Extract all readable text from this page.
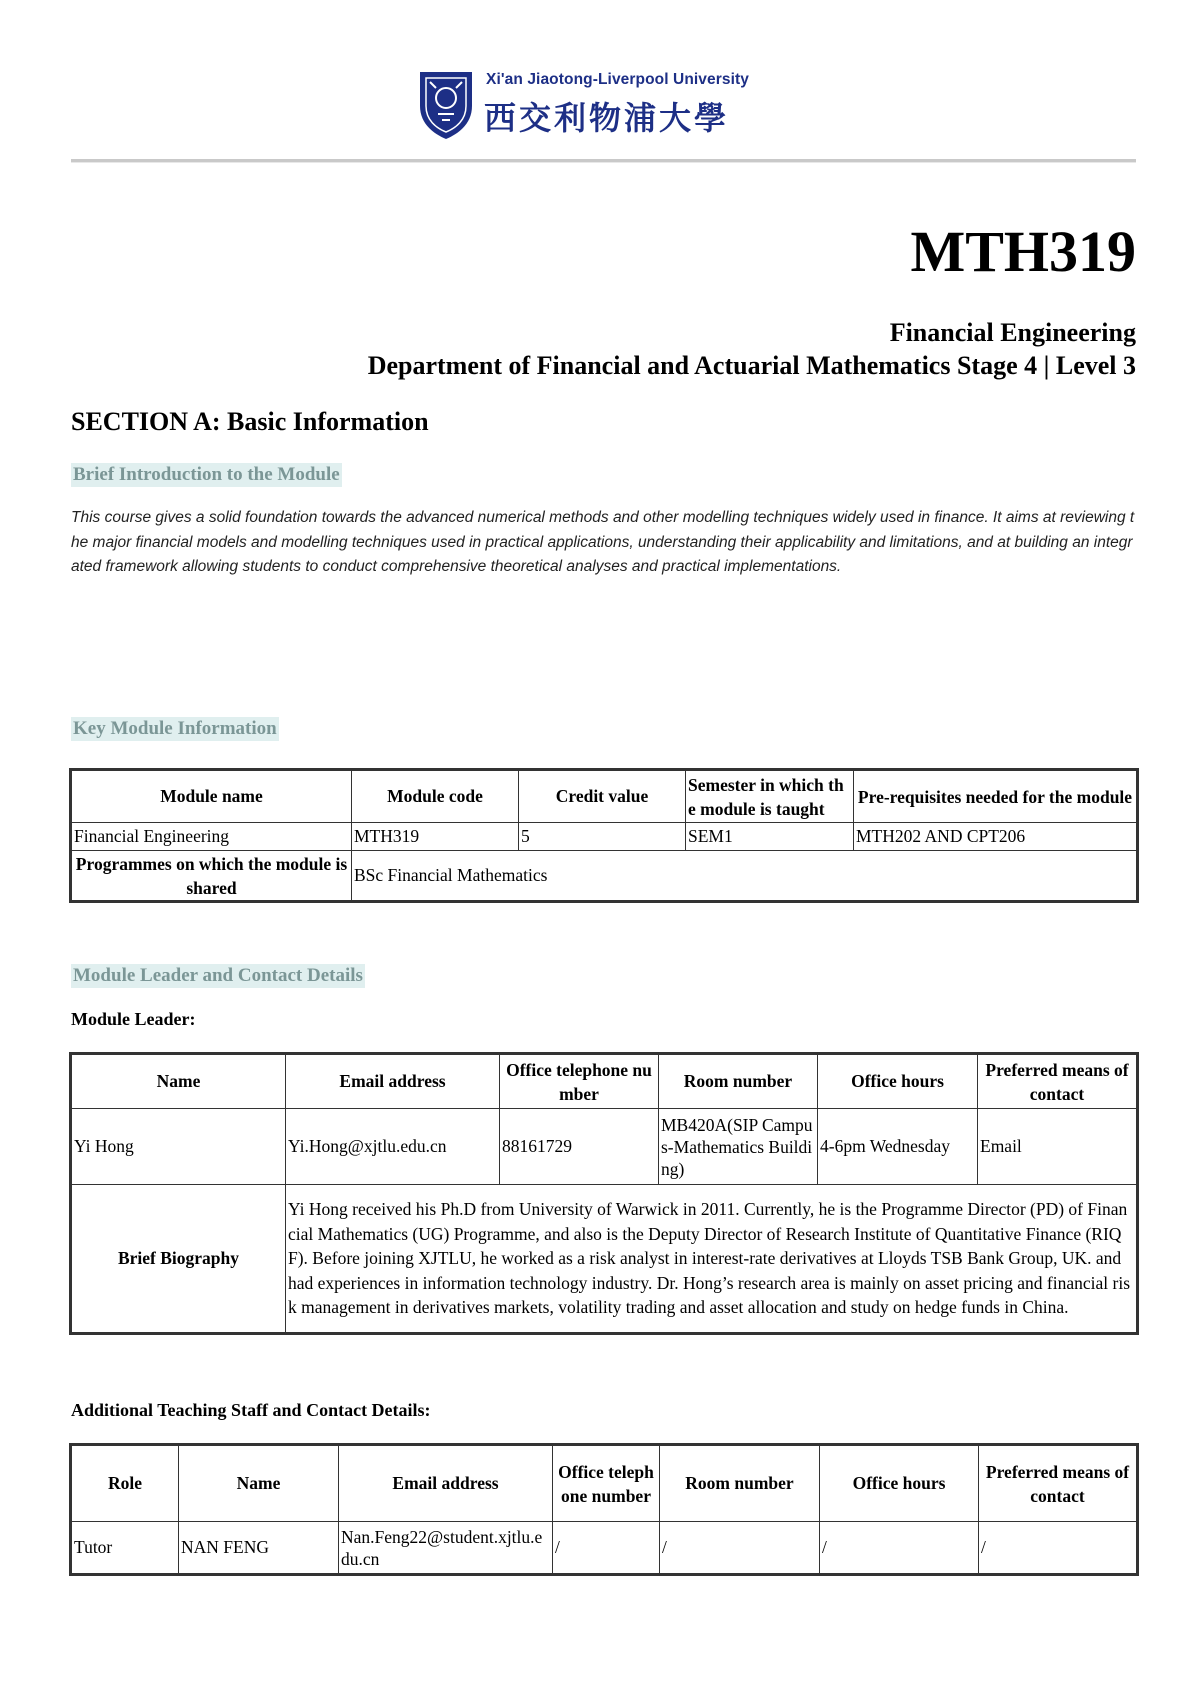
Xi'an Jiaotong-Liverpool University
西交利物浦大學
MTH319
Financial Engineering
Department of Financial and Actuarial Mathematics Stage 4 | Level 3
SECTION A: Basic Information
Brief Introduction to the Module
This course gives a solid foundation towards the advanced numerical methods and other modelling techniques widely used in finance. It aims at reviewing the major financial models and modelling techniques used in practical applications, understanding their applicability and limitations, and at building an integrated framework allowing students to conduct comprehensive theoretical analyses and practical implementations.
Key Module Information
Module name	Module code	Credit value	Semester in which the module is taught	Pre-requisites needed for the module
Financial Engineering	MTH319	5	SEM1	MTH202 AND CPT206
Programmes on which the module is shared	BSc Financial Mathematics			
Module Leader and Contact Details
Module Leader:
Name	Email address	Office telephone number	Room number	Office hours	Preferred means of contact
Yi Hong	Yi.Hong@xjtlu.edu.cn	88161729	MB420A(SIP Campus-Mathematics Building)	4-6pm Wednesday	Email
Brief Biography	Yi Hong received his Ph.D from University of Warwick in 2011. Currently, he is the Programme Director (PD) of Financial Mathematics (UG) Programme, and also is the Deputy Director of Research Institute of Quantitative Finance (RIQF). Before joining XJTLU, he worked as a risk analyst in interest-rate derivatives at Lloyds TSB Bank Group, UK. and had experiences in information technology industry. Dr. Hong’s research area is mainly on asset pricing and financial risk management in derivatives markets, volatility trading and asset allocation and study on hedge funds in China.				
Additional Teaching Staff and Contact Details:
Role	Name	Email address	Office telephone number	Room number	Office hours	Preferred means of contact
Tutor	NAN FENG	Nan.Feng22@student.xjtlu.edu.cn	/	/	/	/
